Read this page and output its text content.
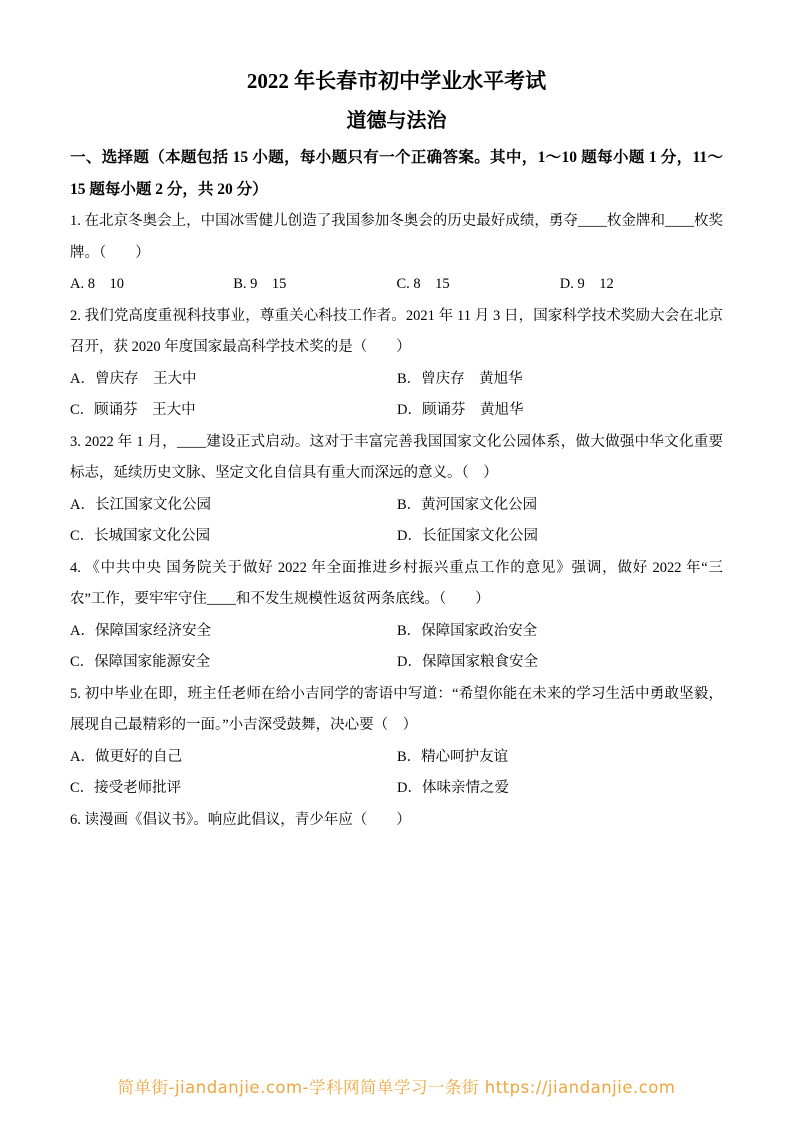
2022 年长春市初中学业水平考试
道德与法治

一、选择题（本题包括 15 小题，每小题只有一个正确答案。其中，1～10 题每小题 1 分，11～15 题每小题 2 分，共 20 分）

1. 在北京冬奥会上，中国冰雪健儿创造了我国参加冬奥会的历史最好成绩，勇夺____枚金牌和____枚奖牌。（　　）

A. 8　10	B. 9　15	C. 8　15	D. 9　12

2. 我们党高度重视科技事业，尊重关心科技工作者。2021 年 11 月 3 日，国家科学技术奖励大会在北京召开，获 2020 年度国家最高科学技术奖的是（　　）

A．曾庆存　王大中	B．曾庆存　黄旭华
C．顾诵芬　王大中	D．顾诵芬　黄旭华

3. 2022 年 1 月，____建设正式启动。这对于丰富完善我国国家文化公园体系，做大做强中华文化重要标志，延续历史文脉、坚定文化自信具有重大而深远的意义。（　）

A．长江国家文化公园	B．黄河国家文化公园
C．长城国家文化公园	D．长征国家文化公园

4. 《中共中央 国务院关于做好 2022 年全面推进乡村振兴重点工作的意见》强调，做好 2022 年“三农”工作，要牢牢守住____和不发生规模性返贫两条底线。（　　）

A．保障国家经济安全	B．保障国家政治安全
C．保障国家能源安全	D．保障国家粮食安全

5. 初中毕业在即，班主任老师在给小吉同学的寄语中写道：“希望你能在未来的学习生活中勇敢坚毅，展现自己最精彩的一面。”小吉深受鼓舞，决心要（　）

A．做更好的自己	B．精心呵护友谊
C．接受老师批评	D．体味亲情之爱

6. 读漫画《倡议书》。响应此倡议，青少年应（　　）

简单街-jiandanjie.com-学科网简单学习一条街 https://jiandanjie.com
